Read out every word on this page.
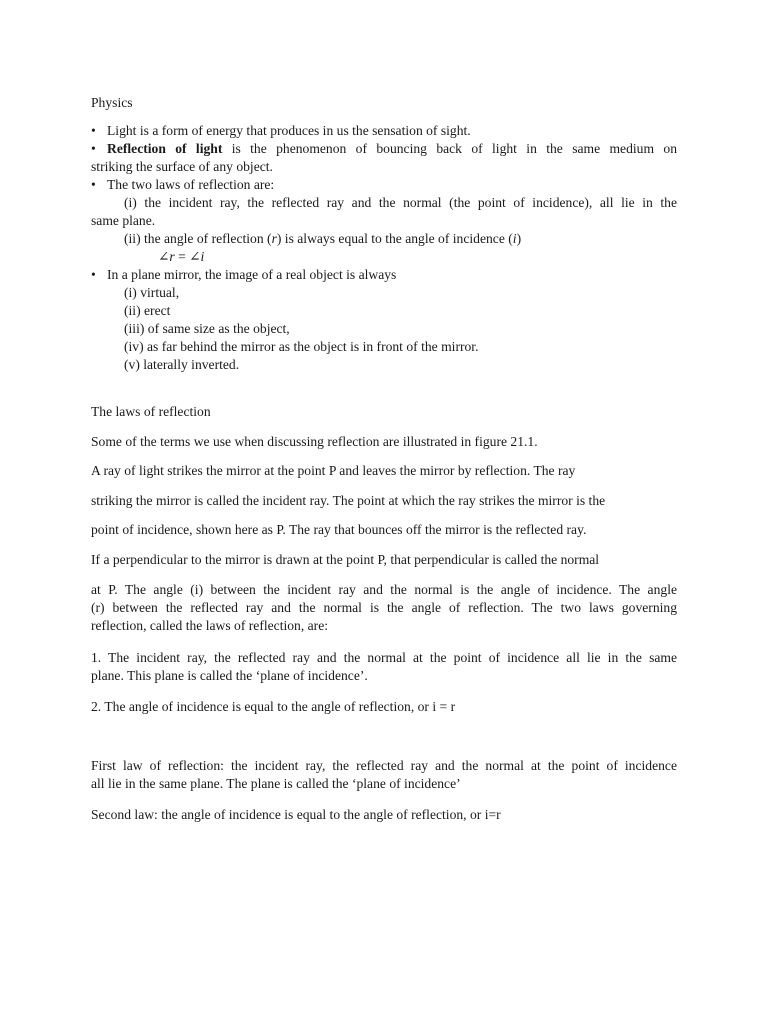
Physics
• Light is a form of energy that produces in us the sensation of sight.
• Reflection of light is the phenomenon of bouncing back of light in the same medium on
striking the surface of any object.
• The two laws of reflection are:
(i) the incident ray, the reflected ray and the normal (the point of incidence), all lie in the
same plane.
(ii) the angle of reflection (r) is always equal to the angle of incidence (i)
∠r = ∠i
• In a plane mirror, the image of a real object is always
(i) virtual,
(ii) erect
(iii) of same size as the object,
(iv) as far behind the mirror as the object is in front of the mirror.
(v) laterally inverted.
The laws of reflection
Some of the terms we use when discussing reflection are illustrated in figure 21.1.
A ray of light strikes the mirror at the point P and leaves the mirror by reflection. The ray
striking the mirror is called the incident ray. The point at which the ray strikes the mirror is the
point of incidence, shown here as P. The ray that bounces off the mirror is the reflected ray.
If a perpendicular to the mirror is drawn at the point P, that perpendicular is called the normal
at P. The angle (i) between the incident ray and the normal is the angle of incidence. The angle
(r) between the reflected ray and the normal is the angle of reflection. The two laws governing
reflection, called the laws of reflection, are:
1. The incident ray, the reflected ray and the normal at the point of incidence all lie in the same
plane. This plane is called the ‘plane of incidence’.
2. The angle of incidence is equal to the angle of reflection, or i = r
First law of reflection: the incident ray, the reflected ray and the normal at the point of incidence
all lie in the same plane. The plane is called the ‘plane of incidence’
Second law: the angle of incidence is equal to the angle of reflection, or i=r
